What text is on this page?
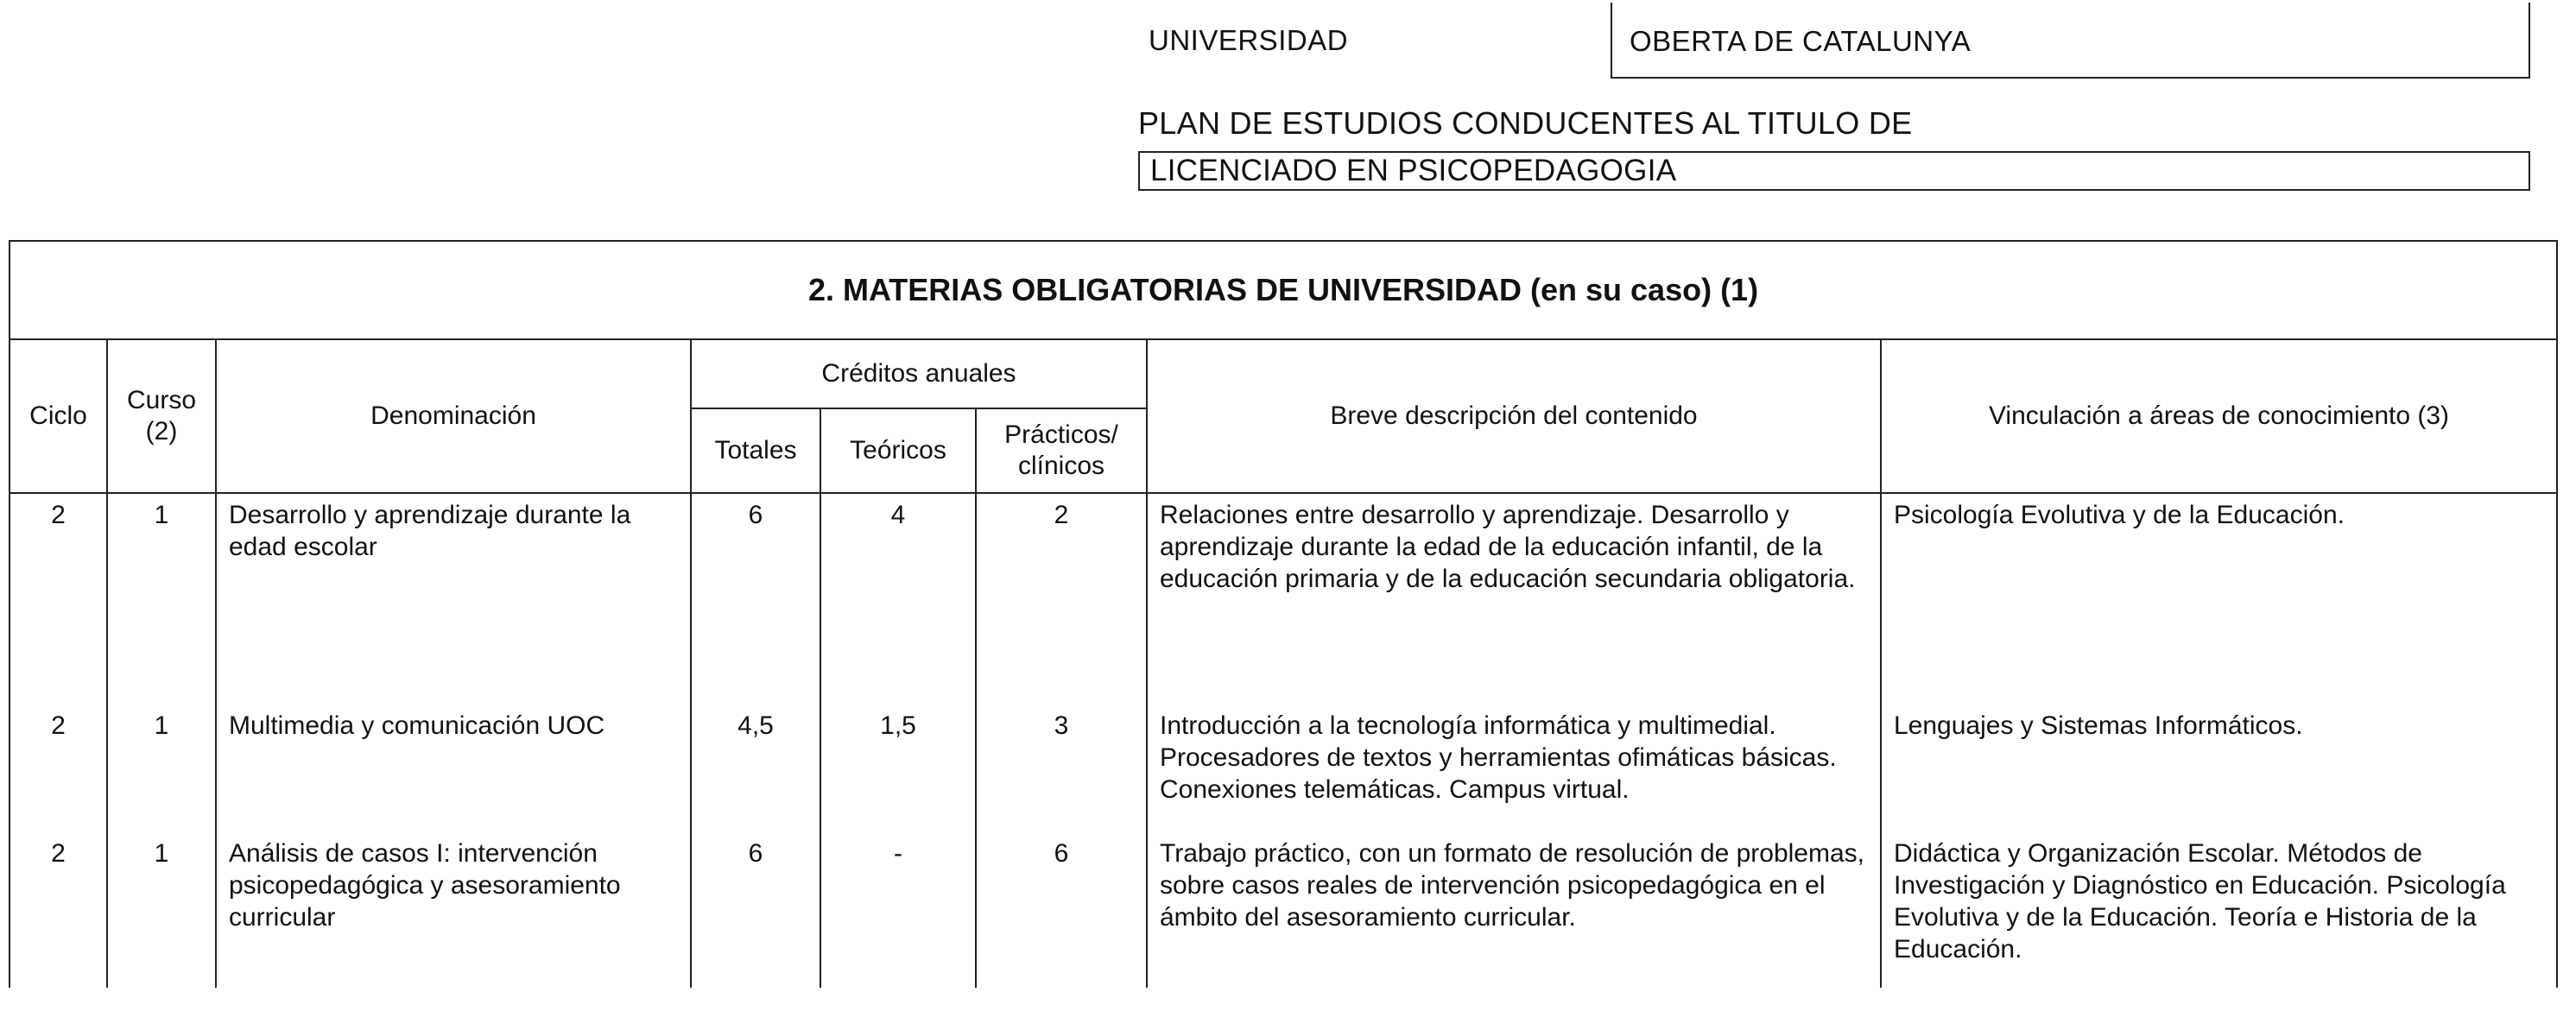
UNIVERSIDAD	OBERTA DE CATALUNYA
PLAN DE ESTUDIOS CONDUCENTES AL TITULO DE
LICENCIADO EN PSICOPEDAGOGIA
2. MATERIAS OBLIGATORIAS DE UNIVERSIDAD (en su caso) (1)							
Ciclo	Curso (2)	Denominación	Créditos anuales			Breve descripción del contenido	Vinculación a áreas de conocimiento (3)
			Totales	Teóricos	Prácticos/ clínicos		
2	1	Desarrollo y aprendizaje durante la edad escolar	6	4	2	Relaciones entre desarrollo y aprendizaje. Desarrollo y aprendizaje durante la edad de la educación infantil, de la educación primaria y de la educación secundaria obligatoria.	Psicología Evolutiva y de la Educación.
2	1	Multimedia y comunicación UOC	4,5	1,5	3	Introducción a la tecnología informática y multimedial. Procesadores de textos y herramientas ofimáticas básicas. Conexiones telemáticas. Campus virtual.	Lenguajes y Sistemas Informáticos.
2	1	Análisis de casos I: intervención psicopedagógica y asesoramiento curricular	6	-	6	Trabajo práctico, con un formato de resolución de problemas, sobre casos reales de intervención psicopedagógica en el ámbito del asesoramiento curricular.	Didáctica y Organización Escolar. Métodos de Investigación y Diagnóstico en Educación. Psicología Evolutiva y de la Educación. Teoría e Historia de la Educación.
